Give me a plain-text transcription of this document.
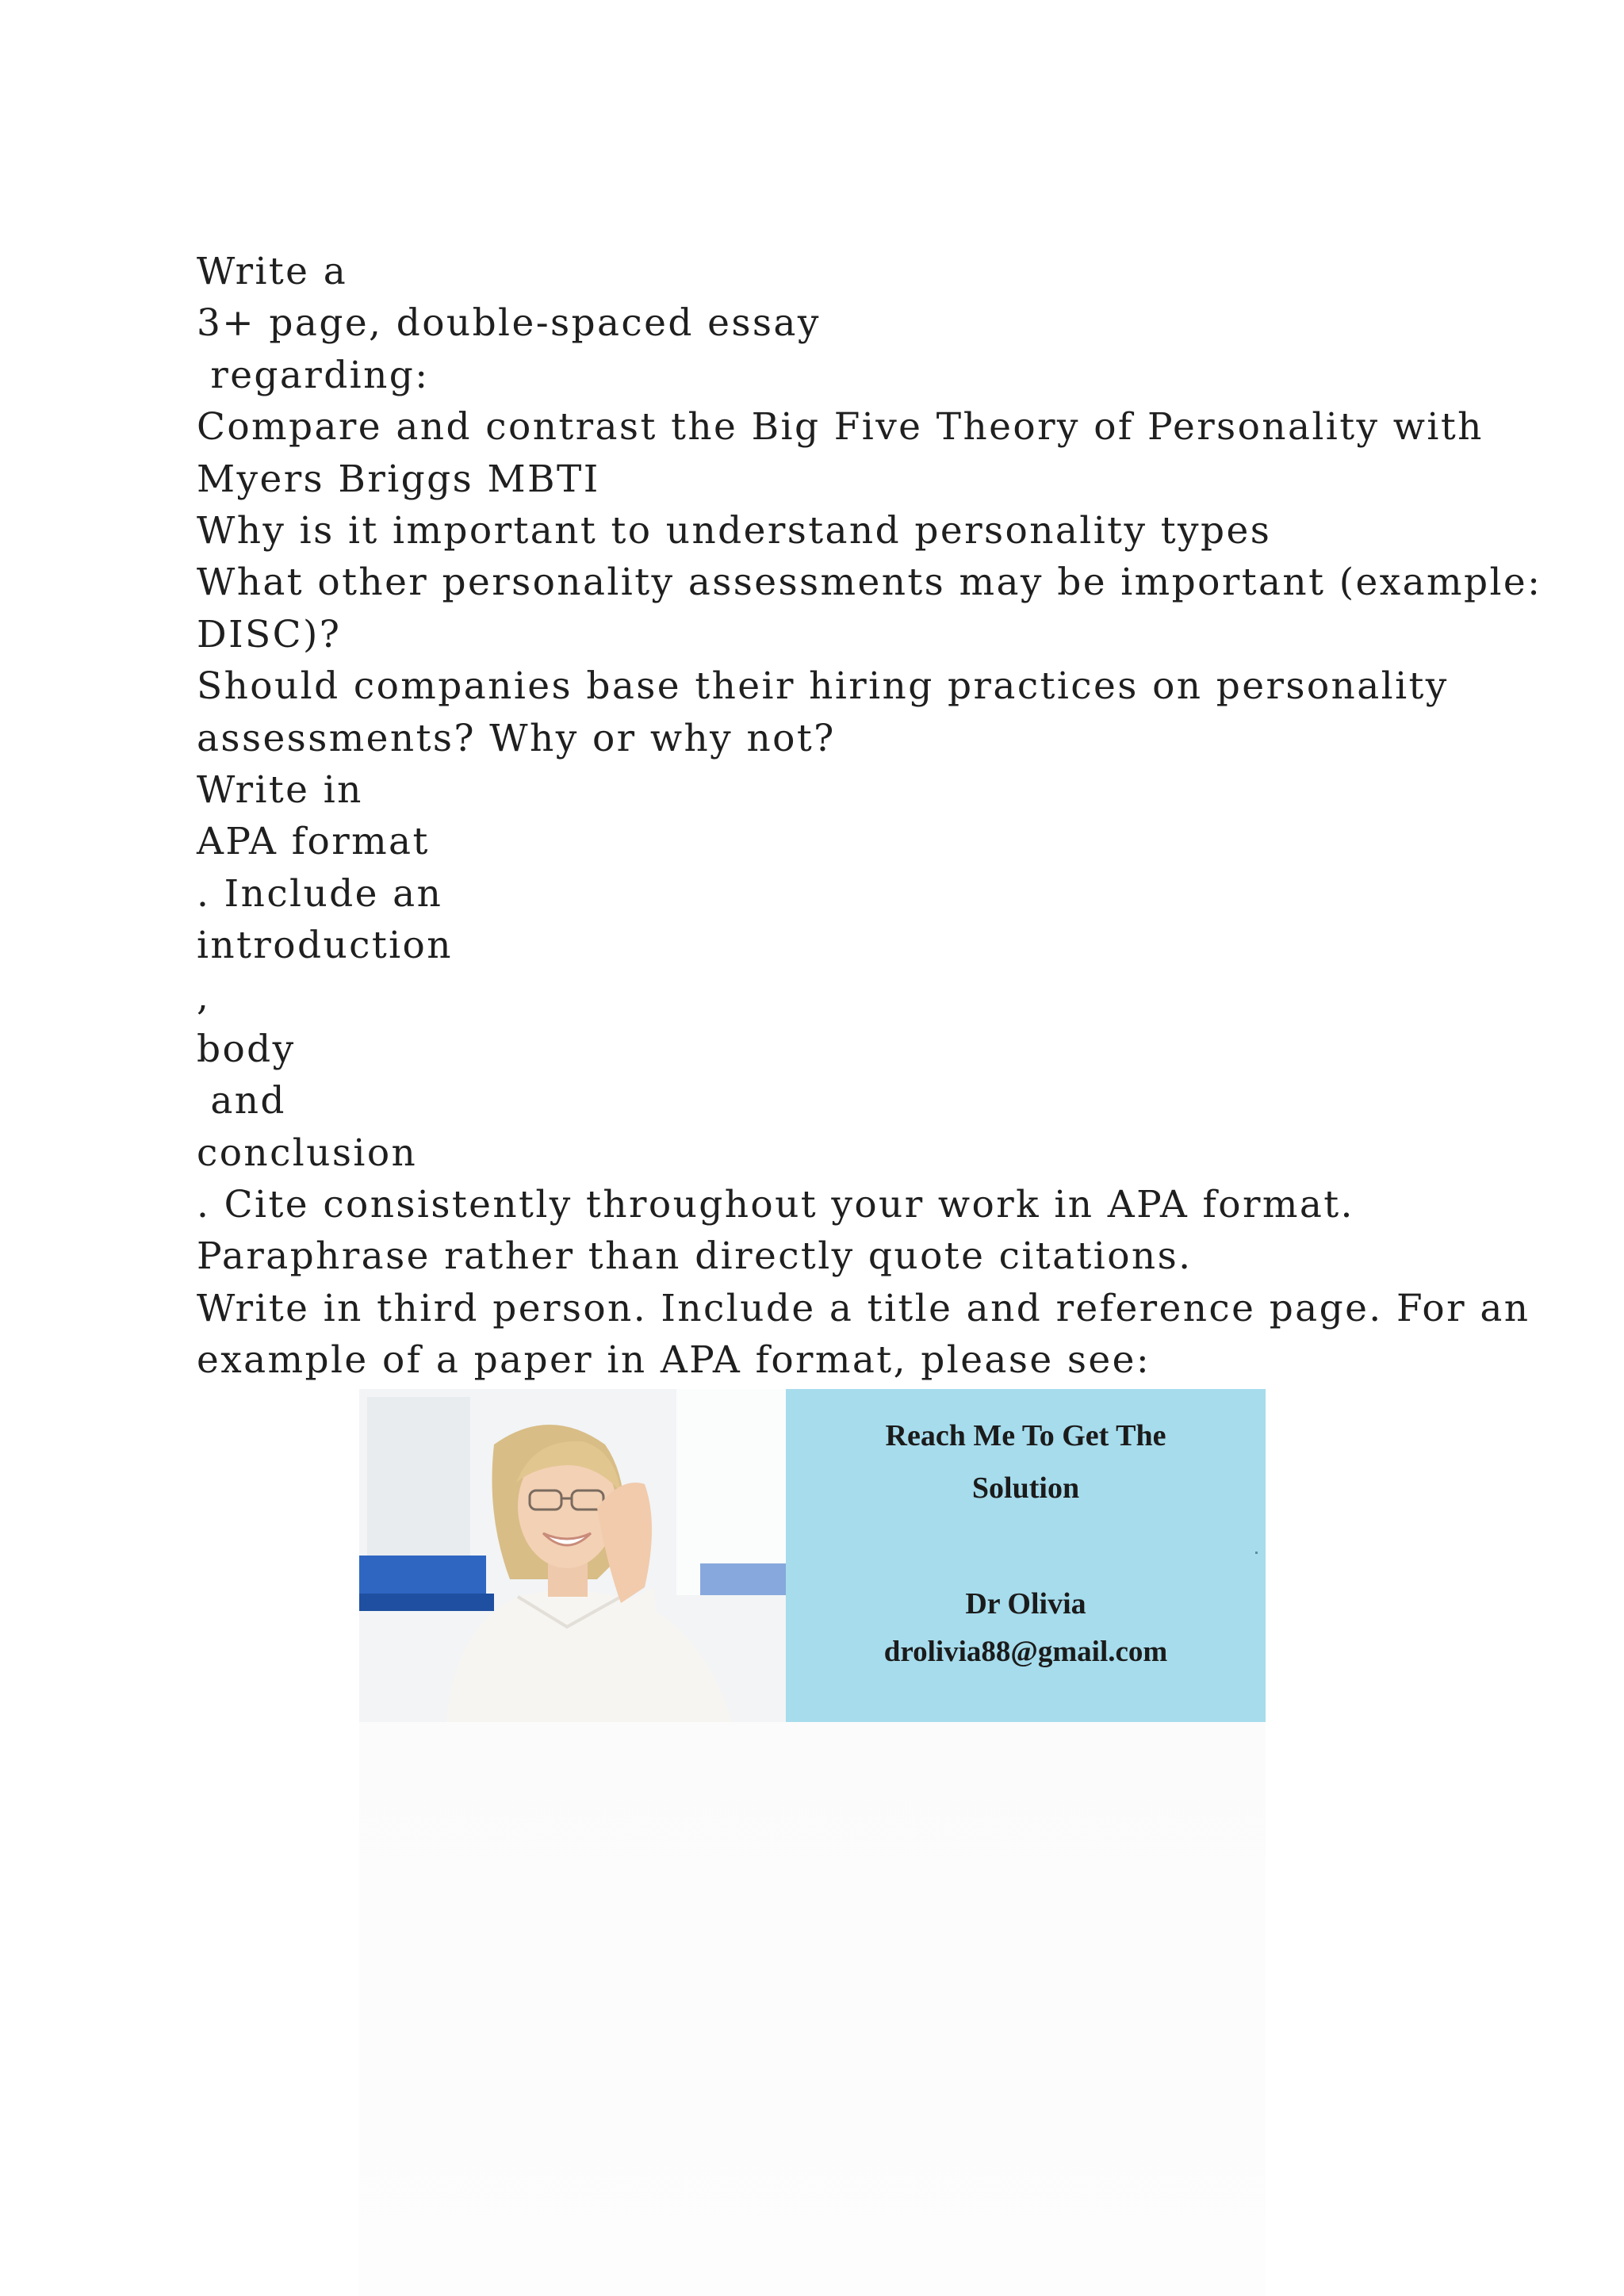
Write a
3+ page, double-spaced essay
regarding:
Compare and contrast the Big Five Theory of Personality with
Myers Briggs MBTI
Why is it important to understand personality types
What other personality assessments may be important (example:
DISC)?
Should companies base their hiring practices on personality
assessments? Why or why not?
Write in
APA format
. Include an
introduction
,
body
and
conclusion
. Cite consistently throughout your work in APA format.
Paraphrase rather than directly quote citations.
Write in third person. Include a title and reference page. For an
example of a paper in APA format, please see:
Reach Me To Get The
Solution
Dr Olivia
drolivia88@gmail.com
